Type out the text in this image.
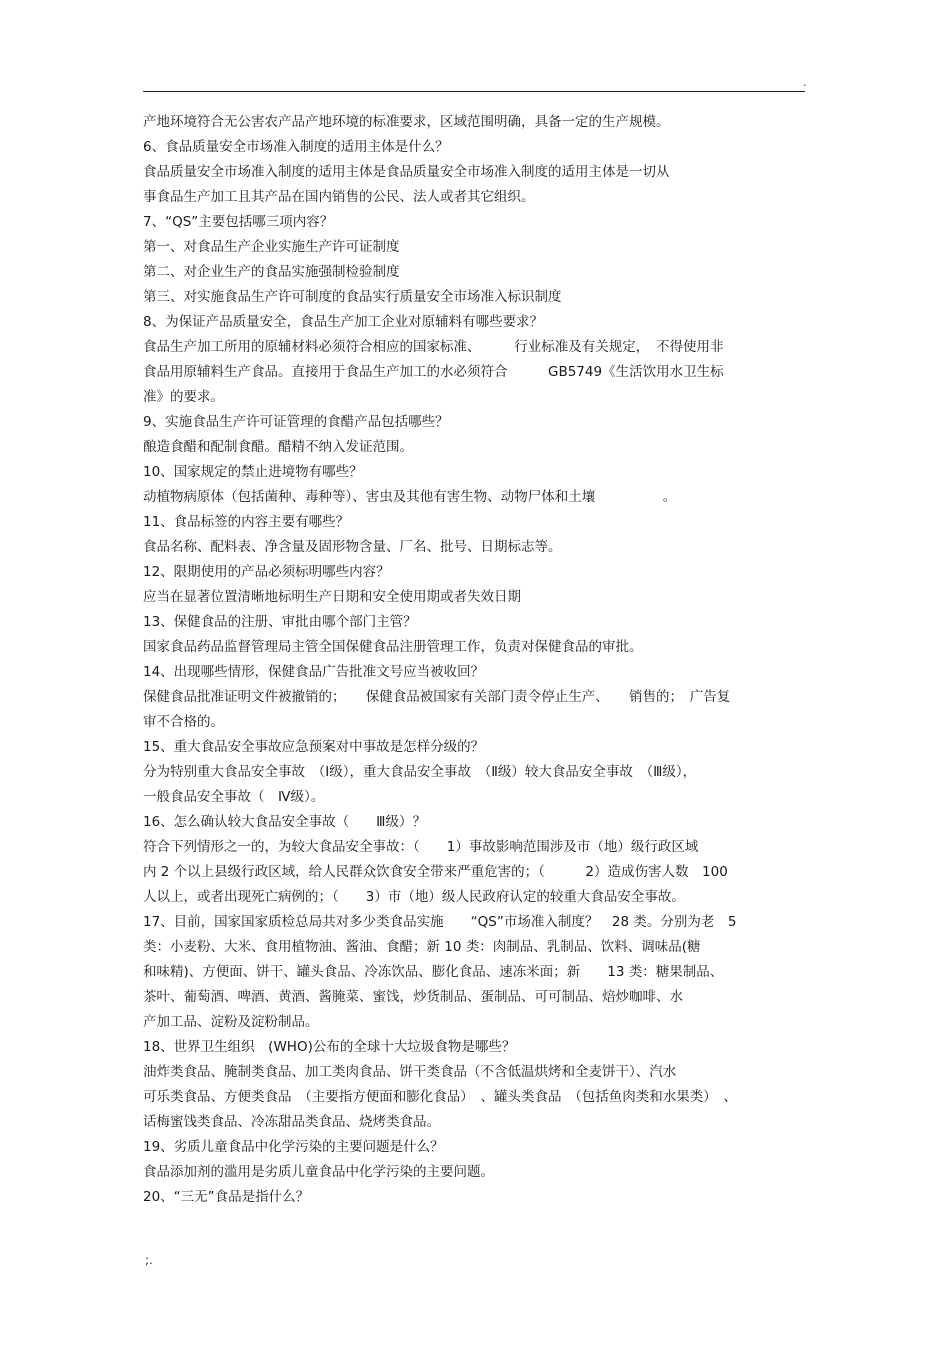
.
产地环境符合无公害农产品产地环境的标准要求，区域范围明确，具备一定的生产规模。
6、食品质量安全市场准入制度的适用主体是什么？
食品质量安全市场准入制度的适用主体是食品质量安全市场准入制度的适用主体是一切从
事食品生产加工且其产品在国内销售的公民、法人或者其它组织。
7、“QS”主要包括哪三项内容？
第一、对食品生产企业实施生产许可证制度
第二、对企业生产的食品实施强制检验制度
第三、对实施食品生产许可制度的食品实行质量安全市场准入标识制度
8、为保证产品质量安全，食品生产加工企业对原辅料有哪些要求？
食品生产加工所用的原辅材料必须符合相应的国家标准、　　　行业标准及有关规定，　不得使用非
食品用原辅料生产食品。直接用于食品生产加工的水必须符合　　　GB5749《生活饮用水卫生标
准》的要求。
9、实施食品生产许可证管理的食醋产品包括哪些？
酿造食醋和配制食醋。醋精不纳入发证范围。
10、国家规定的禁止进境物有哪些？
动植物病原体（包括菌种、毒种等）、害虫及其他有害生物、动物尸体和土壤　　　　　。
11、食品标签的内容主要有哪些？
食品名称、配料表、净含量及固形物含量、厂名、批号、日期标志等。
12、限期使用的产品必须标明哪些内容？
应当在显著位置清晰地标明生产日期和安全使用期或者失效日期
13、保健食品的注册、审批由哪个部门主管？
国家食品药品监督管理局主管全国保健食品注册管理工作，负责对保健食品的审批。
14、出现哪些情形，保健食品广告批准文号应当被收回？
保健食品批准证明文件被撤销的；　　保健食品被国家有关部门责令停止生产、　　销售的；　广告复
审不合格的。
15、重大食品安全事故应急预案对中事故是怎样分级的？
分为特别重大食品安全事故　（Ⅰ级），重大食品安全事故　（Ⅱ级）较大食品安全事故　（Ⅲ级），
一般食品安全事故（　Ⅳ级）。
16、怎么确认较大食品安全事故（　　Ⅲ级）？
符合下列情形之一的，为较大食品安全事故：（　　1）事故影响范围涉及市（地）级行政区域
内 2 个以上县级行政区域，给人民群众饮食安全带来严重危害的；（　　　2）造成伤害人数　100
人以上，或者出现死亡病例的；（　　3）市（地）级人民政府认定的较重大食品安全事故。
17、目前，国家国家质检总局共对多少类食品实施　　“QS”市场准入制度？　28 类。分别为老　5
类：小麦粉、大米、食用植物油、酱油、食醋；新 10 类：肉制品、乳制品、饮料、调味品(糖
和味精)、方便面、饼干、罐头食品、冷冻饮品、膨化食品、速冻米面；新　　13 类：糖果制品、
茶叶、葡萄酒、啤酒、黄酒、酱腌菜、蜜饯，炒货制品、蛋制品、可可制品、焙炒咖啡、水
产加工品、淀粉及淀粉制品。
18、世界卫生组织　(WHO)公布的全球十大垃圾食物是哪些？
油炸类食品、腌制类食品、加工类肉食品、饼干类食品（不含低温烘烤和全麦饼干）、汽水
可乐类食品、方便类食品　（主要指方便面和膨化食品）　、罐头类食品　（包括鱼肉类和水果类）　、
话梅蜜饯类食品、冷冻甜品类食品、烧烤类食品。
19、劣质儿童食品中化学污染的主要问题是什么？
食品添加剂的滥用是劣质儿童食品中化学污染的主要问题。
20、“三无”食品是指什么？
;.
